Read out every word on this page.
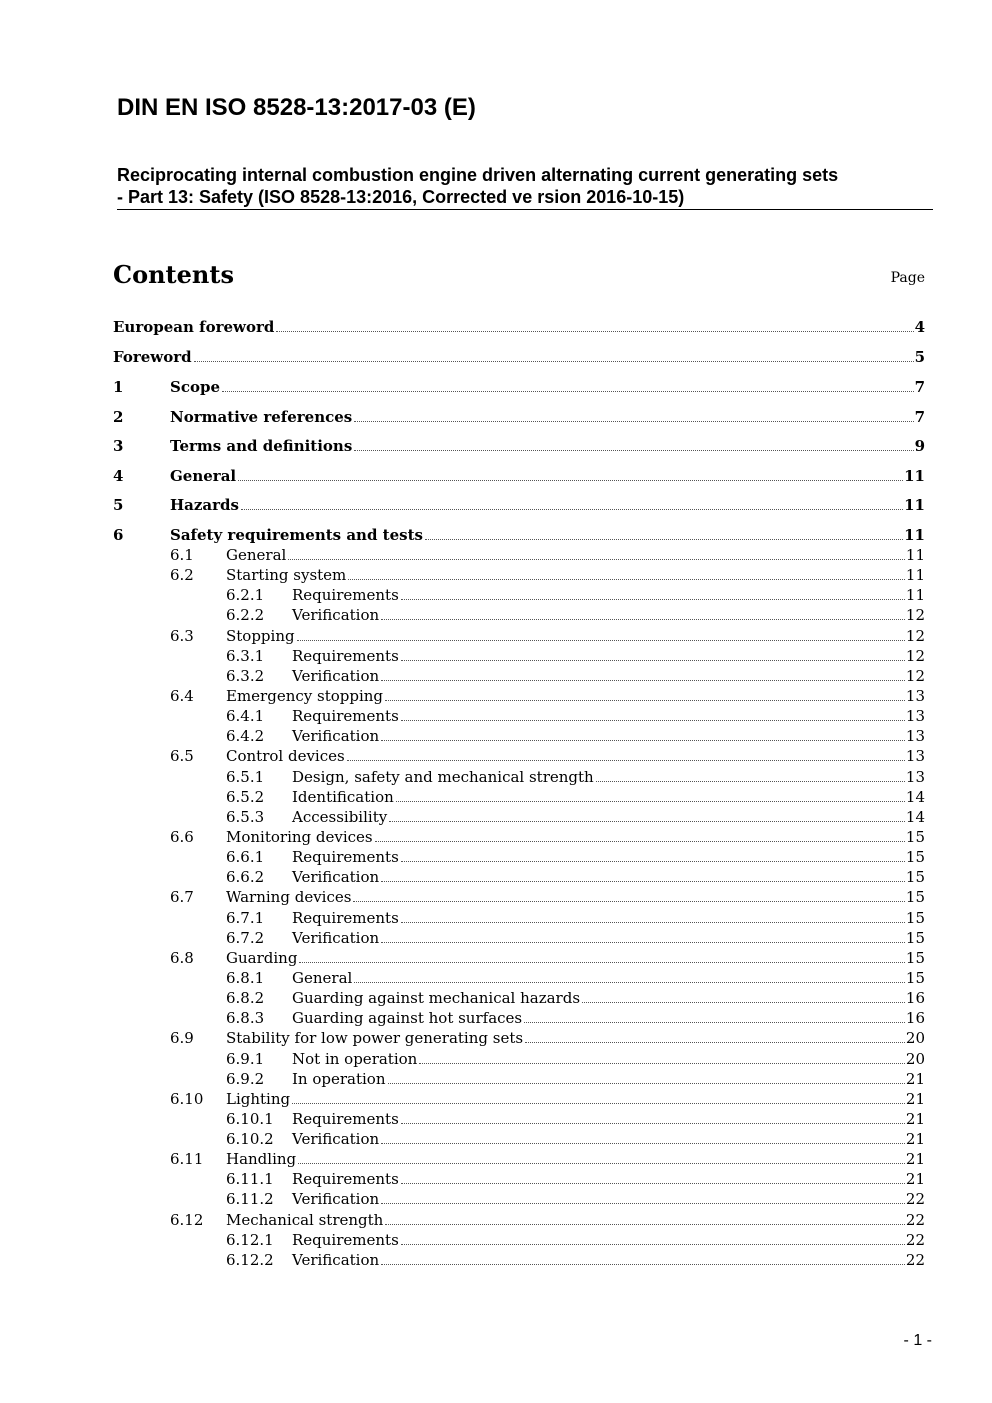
DIN EN ISO 8528-13:2017-03 (E)
Reciprocating internal combustion engine driven alternating current generating sets
- Part 13: Safety (ISO 8528-13:2016, Corrected ve rsion 2016-10-15)
Contents	Page
European foreword	4
Foreword	5
1	Scope	7
2	Normative references	7
3	Terms and definitions	9
4	General	11
5	Hazards	11
6	Safety requirements and tests	11
6.1 General	11
6.2 Starting system	11
6.2.1 Requirements	11
6.2.2 Verification	12
6.3 Stopping	12
6.3.1 Requirements	12
6.3.2 Verification	12
6.4 Emergency stopping	13
6.4.1 Requirements	13
6.4.2 Verification	13
6.5 Control devices	13
6.5.1 Design, safety and mechanical strength	13
6.5.2 Identification	14
6.5.3 Accessibility	14
6.6 Monitoring devices	15
6.6.1 Requirements	15
6.6.2 Verification	15
6.7 Warning devices	15
6.7.1 Requirements	15
6.7.2 Verification	15
6.8 Guarding	15
6.8.1 General	15
6.8.2 Guarding against mechanical hazards	16
6.8.3 Guarding against hot surfaces	16
6.9 Stability for low power generating sets	20
6.9.1 Not in operation	20
6.9.2 In operation	21
6.10 Lighting	21
6.10.1 Requirements	21
6.10.2 Verification	21
6.11 Handling	21
6.11.1 Requirements	21
6.11.2 Verification	22
6.12 Mechanical strength	22
6.12.1 Requirements	22
6.12.2 Verification	22
- 1 -
